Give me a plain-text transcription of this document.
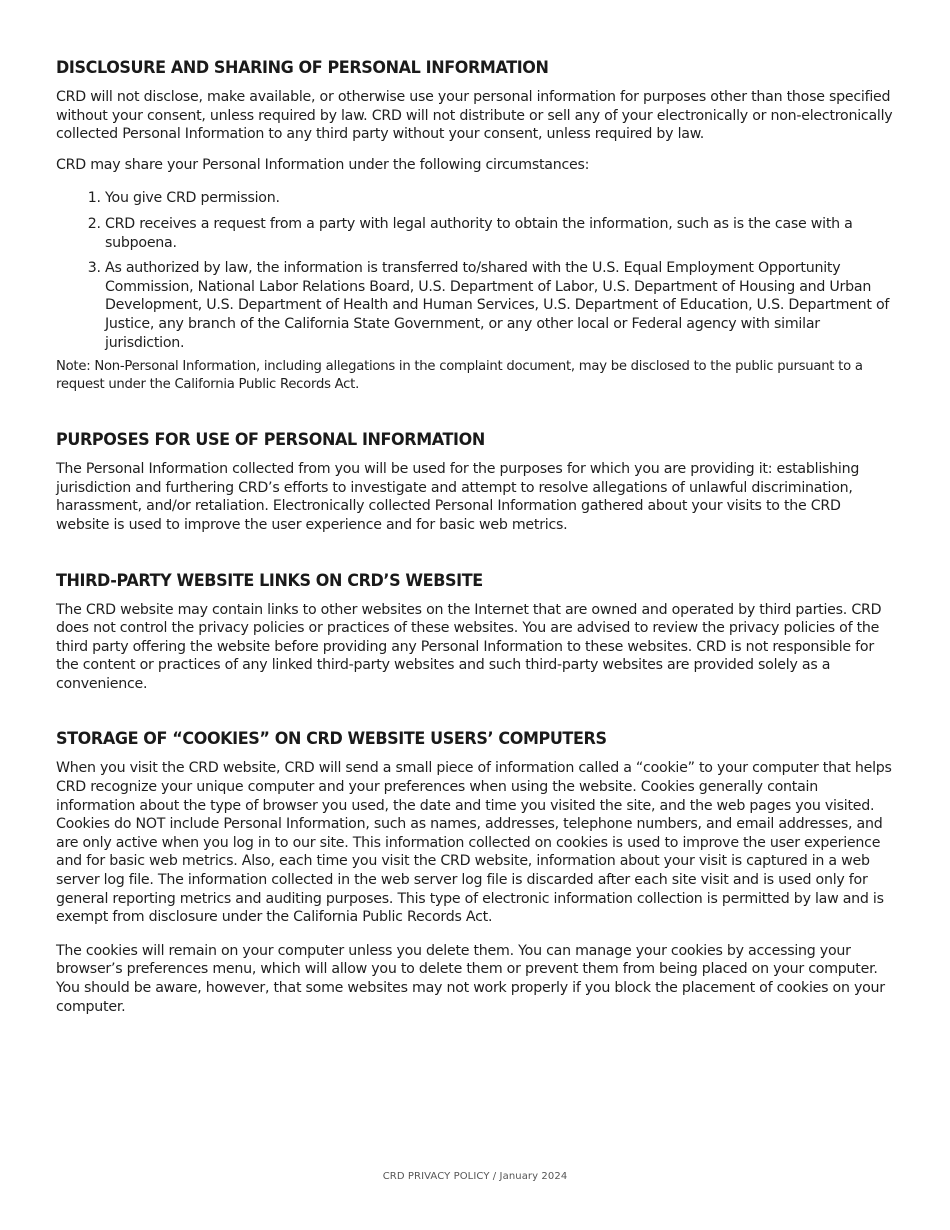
DISCLOSURE AND SHARING OF PERSONAL INFORMATION

CRD will not disclose, make available, or otherwise use your personal information for purposes other than those specified without your consent, unless required by law. CRD will not distribute or sell any of your electronically or non-electronically collected Personal Information to any third party without your consent, unless required by law.

CRD may share your Personal Information under the following circumstances:

1. You give CRD permission.
2. CRD receives a request from a party with legal authority to obtain the information, such as is the case with a subpoena.
3. As authorized by law, the information is transferred to/shared with the U.S. Equal Employment Opportunity Commission, National Labor Relations Board, U.S. Department of Labor, U.S. Department of Housing and Urban Development, U.S. Department of Health and Human Services, U.S. Department of Education, U.S. Department of Justice, any branch of the California State Government, or any other local or Federal agency with similar jurisdiction.

Note: Non-Personal Information, including allegations in the complaint document, may be disclosed to the public pursuant to a request under the California Public Records Act.

PURPOSES FOR USE OF PERSONAL INFORMATION

The Personal Information collected from you will be used for the purposes for which you are providing it: establishing jurisdiction and furthering CRD’s efforts to investigate and attempt to resolve allegations of unlawful discrimination, harassment, and/or retaliation. Electronically collected Personal Information gathered about your visits to the CRD website is used to improve the user experience and for basic web metrics.

THIRD-PARTY WEBSITE LINKS ON CRD’S WEBSITE

The CRD website may contain links to other websites on the Internet that are owned and operated by third parties. CRD does not control the privacy policies or practices of these websites. You are advised to review the privacy policies of the third party offering the website before providing any Personal Information to these websites. CRD is not responsible for the content or practices of any linked third-party websites and such third-party websites are provided solely as a convenience.

STORAGE OF “COOKIES” ON CRD WEBSITE USERS’ COMPUTERS

When you visit the CRD website, CRD will send a small piece of information called a “cookie” to your computer that helps CRD recognize your unique computer and your preferences when using the website. Cookies generally contain information about the type of browser you used, the date and time you visited the site, and the web pages you visited. Cookies do NOT include Personal Information, such as names, addresses, telephone numbers, and email addresses, and are only active when you log in to our site. This information collected on cookies is used to improve the user experience and for basic web metrics. Also, each time you visit the CRD website, information about your visit is captured in a web server log file. The information collected in the web server log file is discarded after each site visit and is used only for general reporting metrics and auditing purposes. This type of electronic information collection is permitted by law and is exempt from disclosure under the California Public Records Act.

The cookies will remain on your computer unless you delete them. You can manage your cookies by accessing your browser’s preferences menu, which will allow you to delete them or prevent them from being placed on your computer. You should be aware, however, that some websites may not work properly if you block the placement of cookies on your computer.

CRD PRIVACY POLICY / January 2024
